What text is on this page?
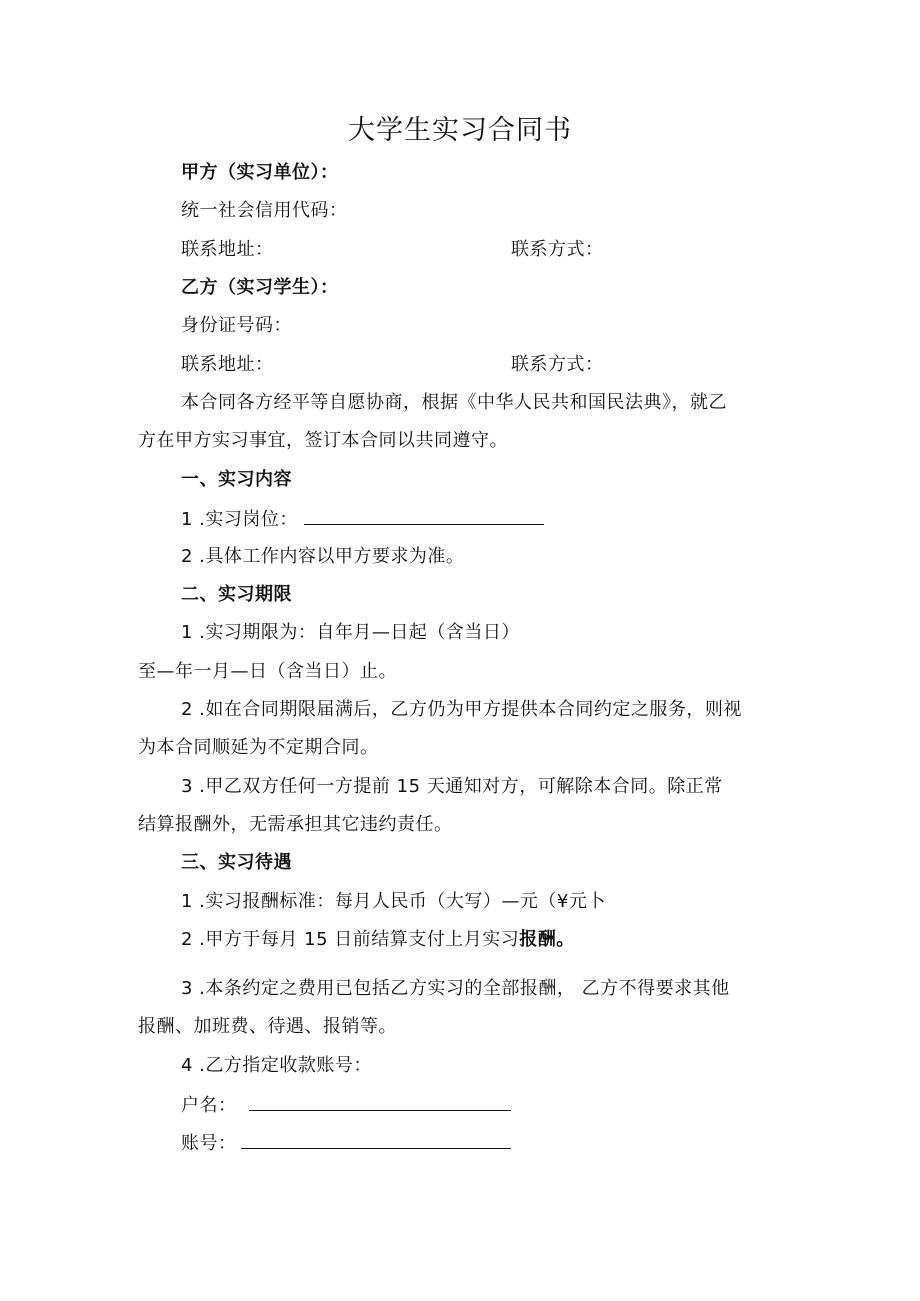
大学生实习合同书
甲方（实习单位）：
统一社会信用代码：
联系地址：	联系方式：
乙方（实习学生）：
身份证号码：
联系地址：	联系方式：
本合同各方经平等自愿协商，根据《中华人民共和国民法典》，就乙
方在甲方实习事宜，签订本合同以共同遵守。
一、实习内容
1 .实习岗位：
2 .具体工作内容以甲方要求为准。
二、实习期限
1 .实习期限为：自年月—日起（含当日）
至—年一月—日（含当日）止。
2 .如在合同期限届满后，乙方仍为甲方提供本合同约定之服务，则视
为本合同顺延为不定期合同。
3 .甲乙双方任何一方提前 15 天通知对方，可解除本合同。除正常
结算报酬外，无需承担其它违约责任。
三、实习待遇
1 .实习报酬标准：每月人民币（大写）—元（¥元卜
2 .甲方于每月 15 日前结算支付上月实习报酬。
3 .本条约定之费用已包括乙方实习的全部报酬， 乙方不得要求其他
报酬、加班费、待遇、报销等。
4 .乙方指定收款账号：
户名：
账号：
